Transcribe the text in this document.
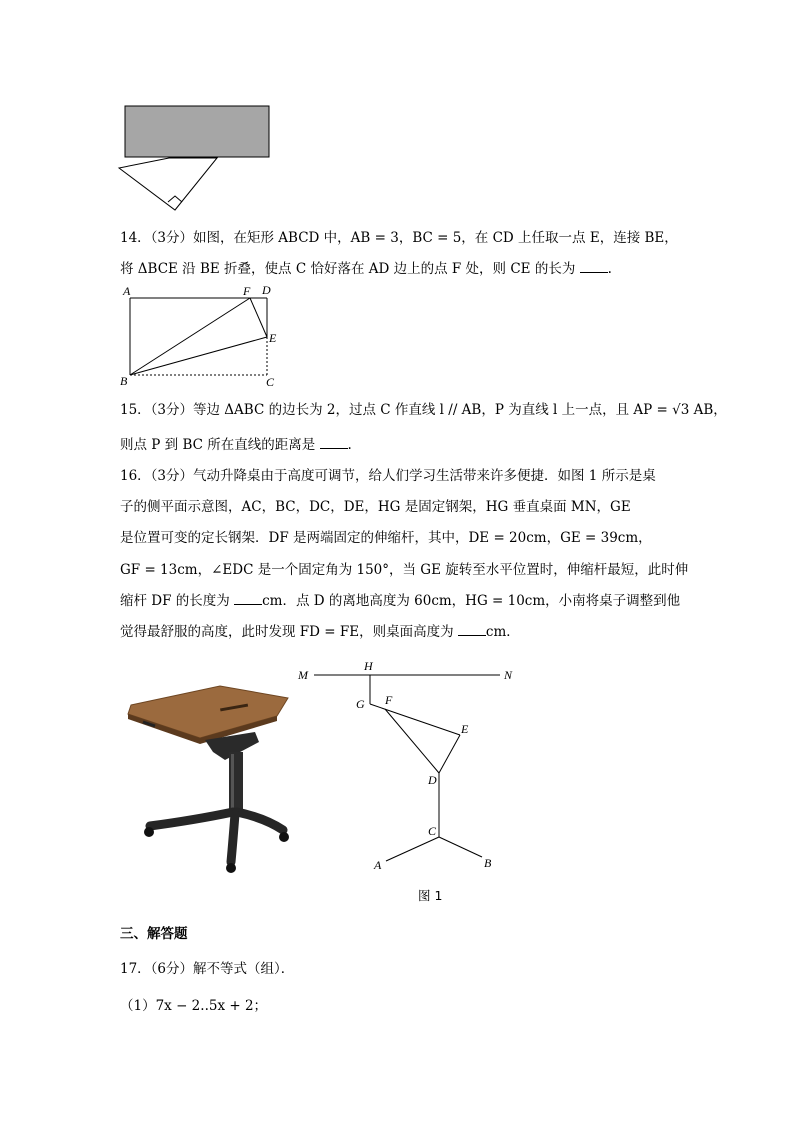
14．（3分）如图，在矩形 ABCD 中，AB = 3，BC = 5，在 CD 上任取一点 E，连接 BE，
将 ΔBCE 沿 BE 折叠，使点 C 恰好落在 AD 边上的点 F 处，则 CE 的长为 .
A	F D
E
B	C
15．（3分）等边 ΔABC 的边长为 2，过点 C 作直线 l // AB，P 为直线 l 上一点，且 AP = √3 AB，
则点 P 到 BC 所在直线的距离是 .
16．（3分）气动升降桌由于高度可调节，给人们学习生活带来许多便捷．如图 1 所示是桌
子的侧平面示意图，AC，BC，DC，DE，HG 是固定钢架，HG 垂直桌面 MN，GE
是位置可变的定长钢架．DF 是两端固定的伸缩杆，其中，DE = 20cm，GE = 39cm，
GF = 13cm，∠EDC 是一个固定角为 150°，当 GE 旋转至水平位置时，伸缩杆最短，此时伸
缩杆 DF 的长度为 cm．点 D 的离地高度为 60cm，HG = 10cm，小南将桌子调整到他
觉得最舒服的高度，此时发现 FD = FE，则桌面高度为 cm．
M
H
N
G F
E
D
C
A	B
图 1
三、解答题
17．（6分）解不等式（组）．
（1）7x − 2..5x + 2；
